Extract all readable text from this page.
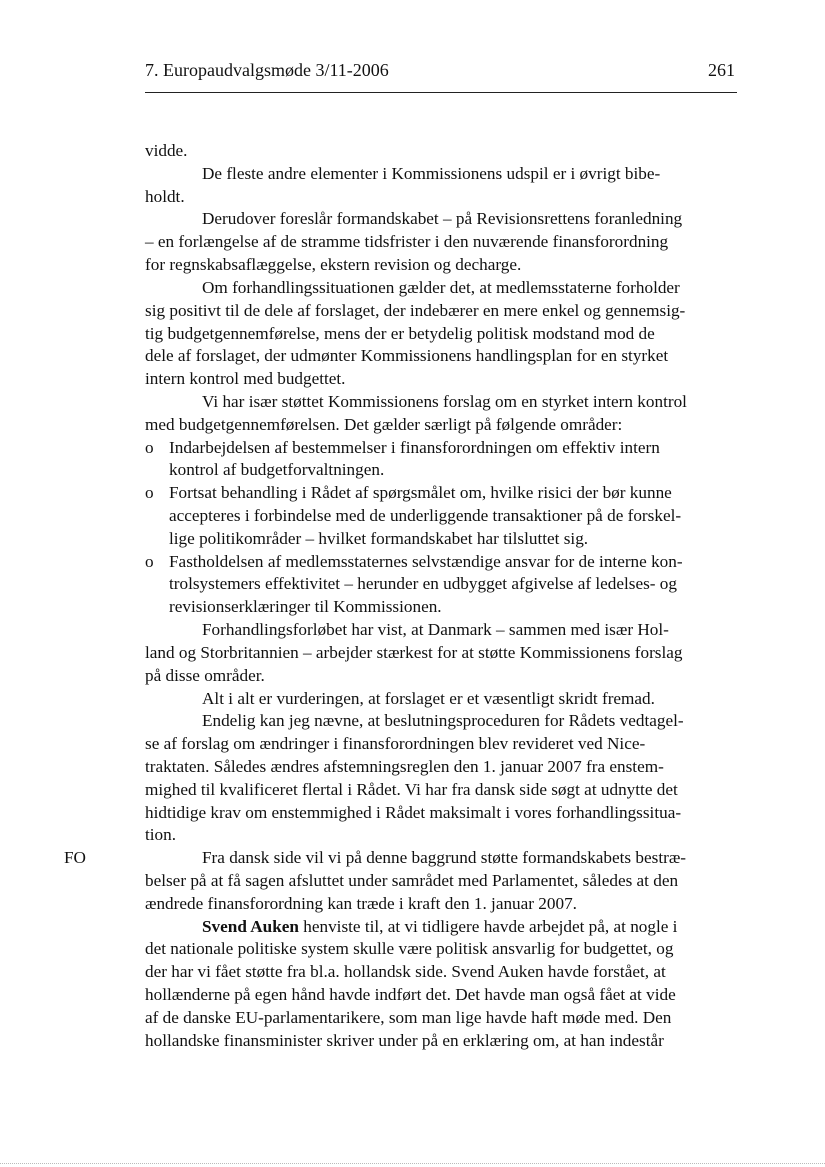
7. Europaudvalgsmøde 3/11-2006	261
FO
vidde.
De fleste andre elementer i Kommissionens udspil er i øvrigt bibe-
holdt.
Derudover foreslår formandskabet – på Revisionsrettens foranledning
– en forlængelse af de stramme tidsfrister i den nuværende finansforordning
for regnskabsaflæggelse, ekstern revision og decharge.
Om forhandlingssituationen gælder det, at medlemsstaterne forholder
sig positivt til de dele af forslaget, der indebærer en mere enkel og gennemsig-
tig budgetgennemførelse, mens der er betydelig politisk modstand mod de
dele af forslaget, der udmønter Kommissionens handlingsplan for en styrket
intern kontrol med budgettet.
Vi har især støttet Kommissionens forslag om en styrket intern kontrol
med budgetgennemførelsen. Det gælder særligt på følgende områder:
o Indarbejdelsen af bestemmelser i finansforordningen om effektiv intern
kontrol af budgetforvaltningen.
o Fortsat behandling i Rådet af spørgsmålet om, hvilke risici der bør kunne
accepteres i forbindelse med de underliggende transaktioner på de forskel-
lige politikområder – hvilket formandskabet har tilsluttet sig.
o Fastholdelsen af medlemsstaternes selvstændige ansvar for de interne kon-
trolsystemers effektivitet – herunder en udbygget afgivelse af ledelses- og
revisionserklæringer til Kommissionen.
Forhandlingsforløbet har vist, at Danmark – sammen med især Hol-
land og Storbritannien – arbejder stærkest for at støtte Kommissionens forslag
på disse områder.
Alt i alt er vurderingen, at forslaget er et væsentligt skridt fremad.
Endelig kan jeg nævne, at beslutningsproceduren for Rådets vedtagel-
se af forslag om ændringer i finansforordningen blev revideret ved Nice-
traktaten. Således ændres afstemningsreglen den 1. januar 2007 fra enstem-
mighed til kvalificeret flertal i Rådet. Vi har fra dansk side søgt at udnytte det
hidtidige krav om enstemmighed i Rådet maksimalt i vores forhandlingssitua-
tion.
Fra dansk side vil vi på denne baggrund støtte formandskabets bestræ-
belser på at få sagen afsluttet under samrådet med Parlamentet, således at den
ændrede finansforordning kan træde i kraft den 1. januar 2007.
Svend Auken henviste til, at vi tidligere havde arbejdet på, at nogle i
det nationale politiske system skulle være politisk ansvarlig for budgettet, og
der har vi fået støtte fra bl.a. hollandsk side. Svend Auken havde forstået, at
hollænderne på egen hånd havde indført det. Det havde man også fået at vide
af de danske EU-parlamentarikere, som man lige havde haft møde med. Den
hollandske finansminister skriver under på en erklæring om, at han indestår
